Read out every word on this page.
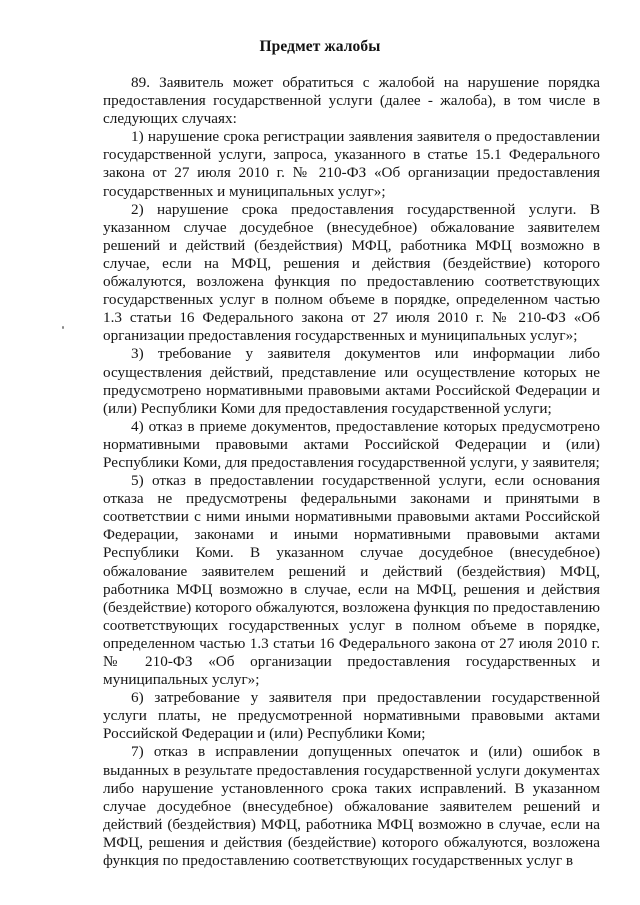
Предмет жалобы

89. Заявитель может обратиться с жалобой на нарушение порядка предоставления государственной услуги (далее - жалоба), в том числе в следующих случаях:

1) нарушение срока регистрации заявления заявителя о предоставлении государственной услуги, запроса, указанного в статье 15.1 Федерального закона от 27 июля 2010 г. № 210-ФЗ «Об организации предоставления государственных и муниципальных услуг»;

2) нарушение срока предоставления государственной услуги. В указанном случае досудебное (внесудебное) обжалование заявителем решений и действий (бездействия) МФЦ, работника МФЦ возможно в случае, если на МФЦ, решения и действия (бездействие) которого обжалуются, возложена функция по предоставлению соответствующих государственных услуг в полном объеме в порядке, определенном частью 1.3 статьи 16 Федерального закона от 27 июля 2010 г. № 210-ФЗ «Об организации предоставления государственных и муниципальных услуг»;

3) требование у заявителя документов или информации либо осуществления действий, представление или осуществление которых не предусмотрено нормативными правовыми актами Российской Федерации и (или) Республики Коми для предоставления государственной услуги;

4) отказ в приеме документов, предоставление которых предусмотрено нормативными правовыми актами Российской Федерации и (или) Республики Коми, для предоставления государственной услуги, у заявителя;

5) отказ в предоставлении государственной услуги, если основания отказа не предусмотрены федеральными законами и принятыми в соответствии с ними иными нормативными правовыми актами Российской Федерации, законами и иными нормативными правовыми актами Республики Коми. В указанном случае досудебное (внесудебное) обжалование заявителем решений и действий (бездействия) МФЦ, работника МФЦ возможно в случае, если на МФЦ, решения и действия (бездействие) которого обжалуются, возложена функция по предоставлению соответствующих государственных услуг в полном объеме в порядке, определенном частью 1.3 статьи 16 Федерального закона от 27 июля 2010 г. № 210-ФЗ «Об организации предоставления государственных и муниципальных услуг»;

6) затребование у заявителя при предоставлении государственной услуги платы, не предусмотренной нормативными правовыми актами Российской Федерации и (или) Республики Коми;

7) отказ в исправлении допущенных опечаток и (или) ошибок в выданных в результате предоставления государственной услуги документах либо нарушение установленного срока таких исправлений. В указанном случае досудебное (внесудебное) обжалование заявителем решений и действий (бездействия) МФЦ, работника МФЦ возможно в случае, если на МФЦ, решения и действия (бездействие) которого обжалуются, возложена функция по предоставлению соответствующих государственных услуг в
